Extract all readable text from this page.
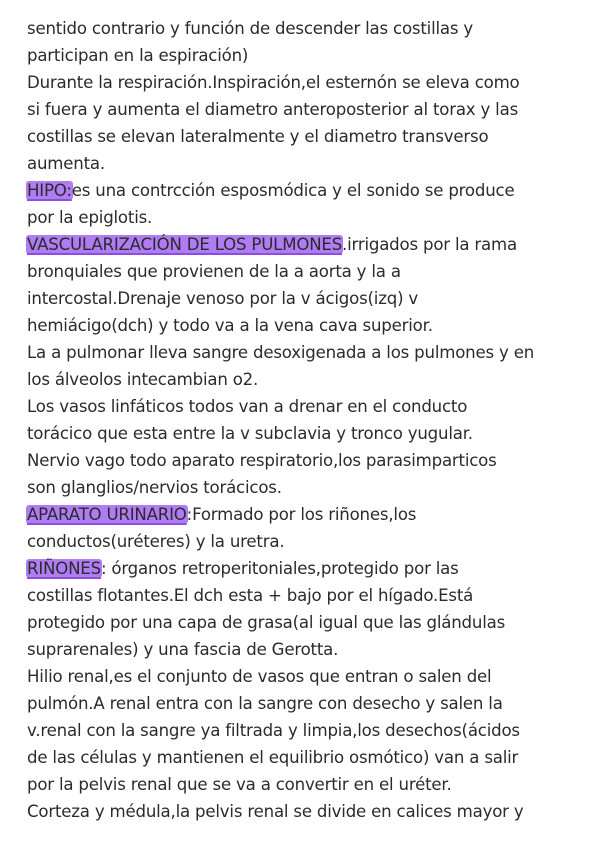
sentido contrario y función de descender las costillas y
participan en la espiración)
Durante la respiración.Inspiración,el esternón se eleva como
si fuera y aumenta el diametro anteroposterior al torax y las
costillas se elevan lateralmente y el diametro transverso
aumenta.
HIPO:es una contrcción esposmódica y el sonido se produce
por la epiglotis.
VASCULARIZACIÓN DE LOS PULMONES.irrigados por la rama
bronquiales que provienen de la a aorta y la a
intercostal.Drenaje venoso por la v ácigos(izq) v
hemiácigo(dch) y todo va a la vena cava superior.
La a pulmonar lleva sangre desoxigenada a los pulmones y en
los álveolos intecambian o2.
Los vasos linfáticos todos van a drenar en el conducto
torácico que esta entre la v subclavia y tronco yugular.
Nervio vago todo aparato respiratorio,los parasimparticos
son glanglios/nervios torácicos.
APARATO URINARIO:Formado por los riñones,los
conductos(uréteres) y la uretra.
RIÑONES: órganos retroperitoniales,protegido por las
costillas flotantes.El dch esta + bajo por el hígado.Está
protegido por una capa de grasa(al igual que las glándulas
suprarenales) y una fascia de Gerotta.
Hilio renal,es el conjunto de vasos que entran o salen del
pulmón.A renal entra con la sangre con desecho y salen la
v.renal con la sangre ya filtrada y limpia,los desechos(ácidos
de las células y mantienen el equilibrio osmótico) van a salir
por la pelvis renal que se va a convertir en el uréter.
Corteza y médula,la pelvis renal se divide en calices mayor y
